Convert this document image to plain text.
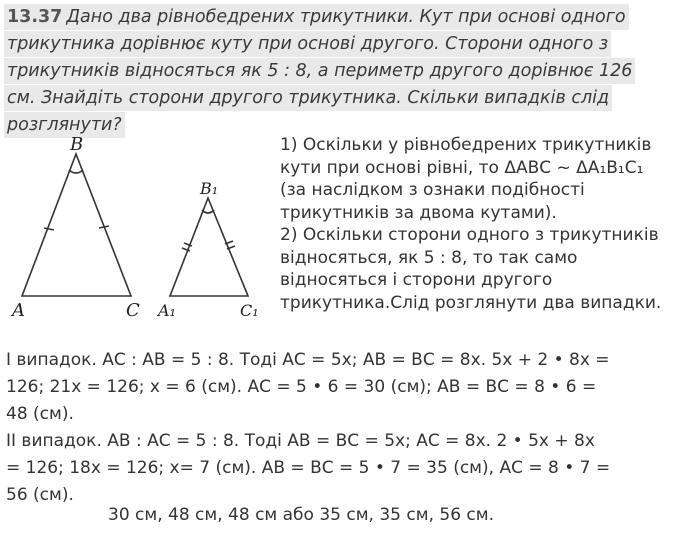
13.37 Дано два рівнобедрених трикутники. Кут при основі одного
трикутника дорівнює куту при основі другого. Сторони одного з
трикутників відносяться як 5 : 8, а периметр другого дорівнює 126
см. Знайдіть сторони другого трикутника. Скільки випадків слід
розглянути?
B
A	C
B₁
A₁	C₁
1) Оскільки у рівнобедрених трикутників
кути при основі рівні, то ΔАВС ~ ΔA₁B₁C₁
(за наслідком з ознаки подібності
трикутників за двома кутами).
2) Оскільки сторони одного з трикутників
відносяться, як 5 : 8, то так само
відносяться і сторони другого
трикутника.Слід розглянути два випадки.
І випадок. АС : АВ = 5 : 8. Тоді АС = 5х; АВ = ВС = 8х. 5х + 2 • 8х =
126; 21х = 126; х = 6 (см). АС = 5 • 6 = 30 (см); АВ = ВС = 8 • 6 =
48 (см).
II випадок. АВ : АС = 5 : 8. Тоді АВ = ВС = 5х; АС = 8х. 2 • 5х + 8х
= 126; 18х = 126; х= 7 (см). АВ = ВС = 5 • 7 = 35 (см), АС = 8 • 7 =
56 (см).
30 см, 48 см, 48 см або 35 см, 35 см, 56 см.
